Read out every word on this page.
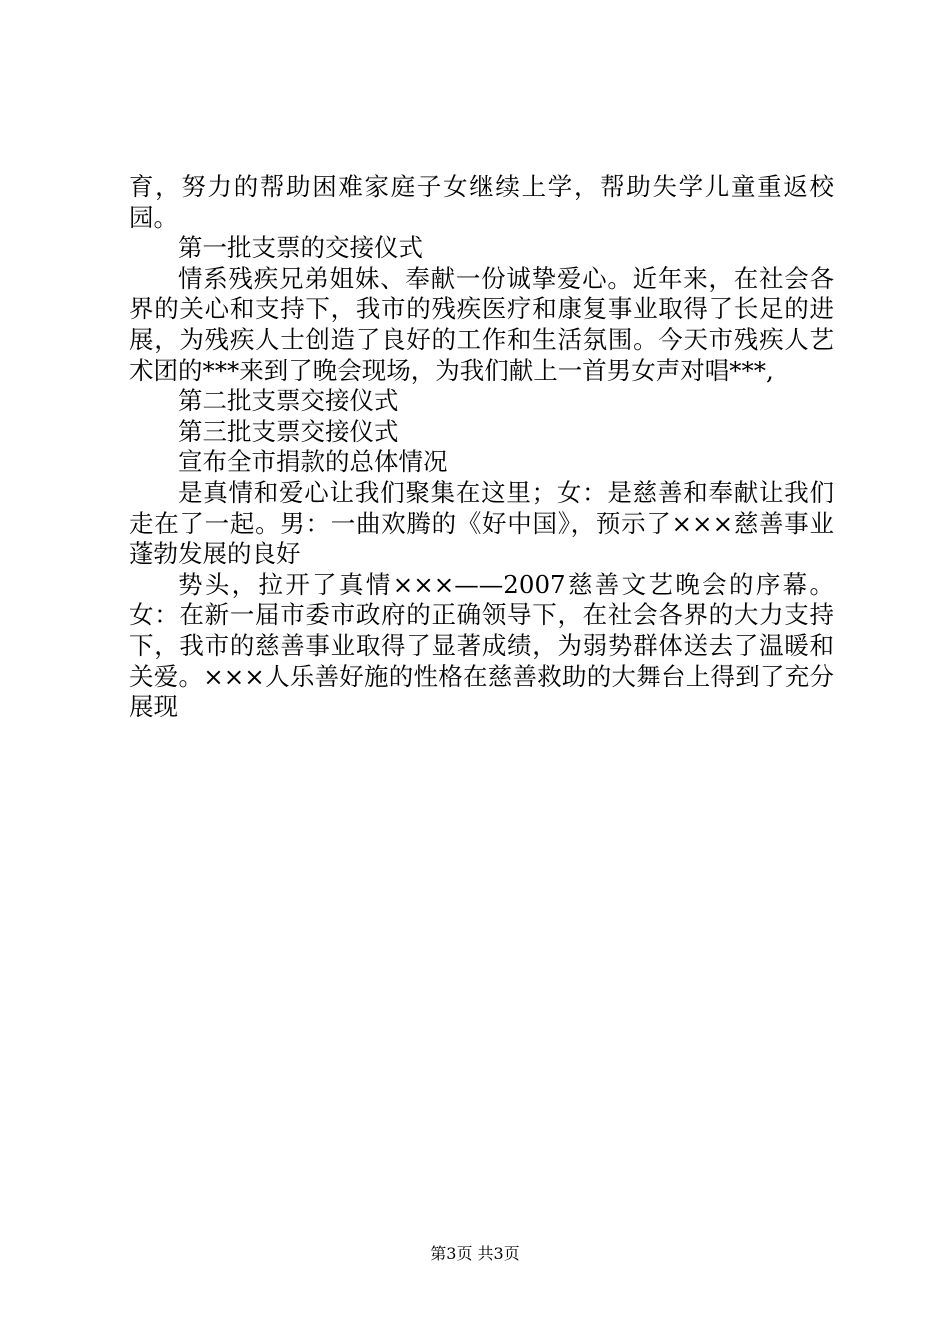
育，努力的帮助困难家庭子女继续上学，帮助失学儿童重返校园。

第一批支票的交接仪式

情系残疾兄弟姐妹、奉献一份诚挚爱心。近年来，在社会各界的关心和支持下，我市的残疾医疗和康复事业取得了长足的进展，为残疾人士创造了良好的工作和生活氛围。今天市残疾人艺术团的***来到了晚会现场，为我们献上一首男女声对唱***,

第二批支票交接仪式

第三批支票交接仪式

宣布全市捐款的总体情况

是真情和爱心让我们聚集在这里；女：是慈善和奉献让我们走在了一起。男：一曲欢腾的《好中国》，预示了×××慈善事业蓬勃发展的良好

势头，拉开了真情×××——2007慈善文艺晚会的序幕。女：在新一届市委市政府的正确领导下，在社会各界的大力支持下，我市的慈善事业取得了显著成绩，为弱势群体送去了温暖和关爱。×××人乐善好施的性格在慈善救助的大舞台上得到了充分展现

第3页 共3页
